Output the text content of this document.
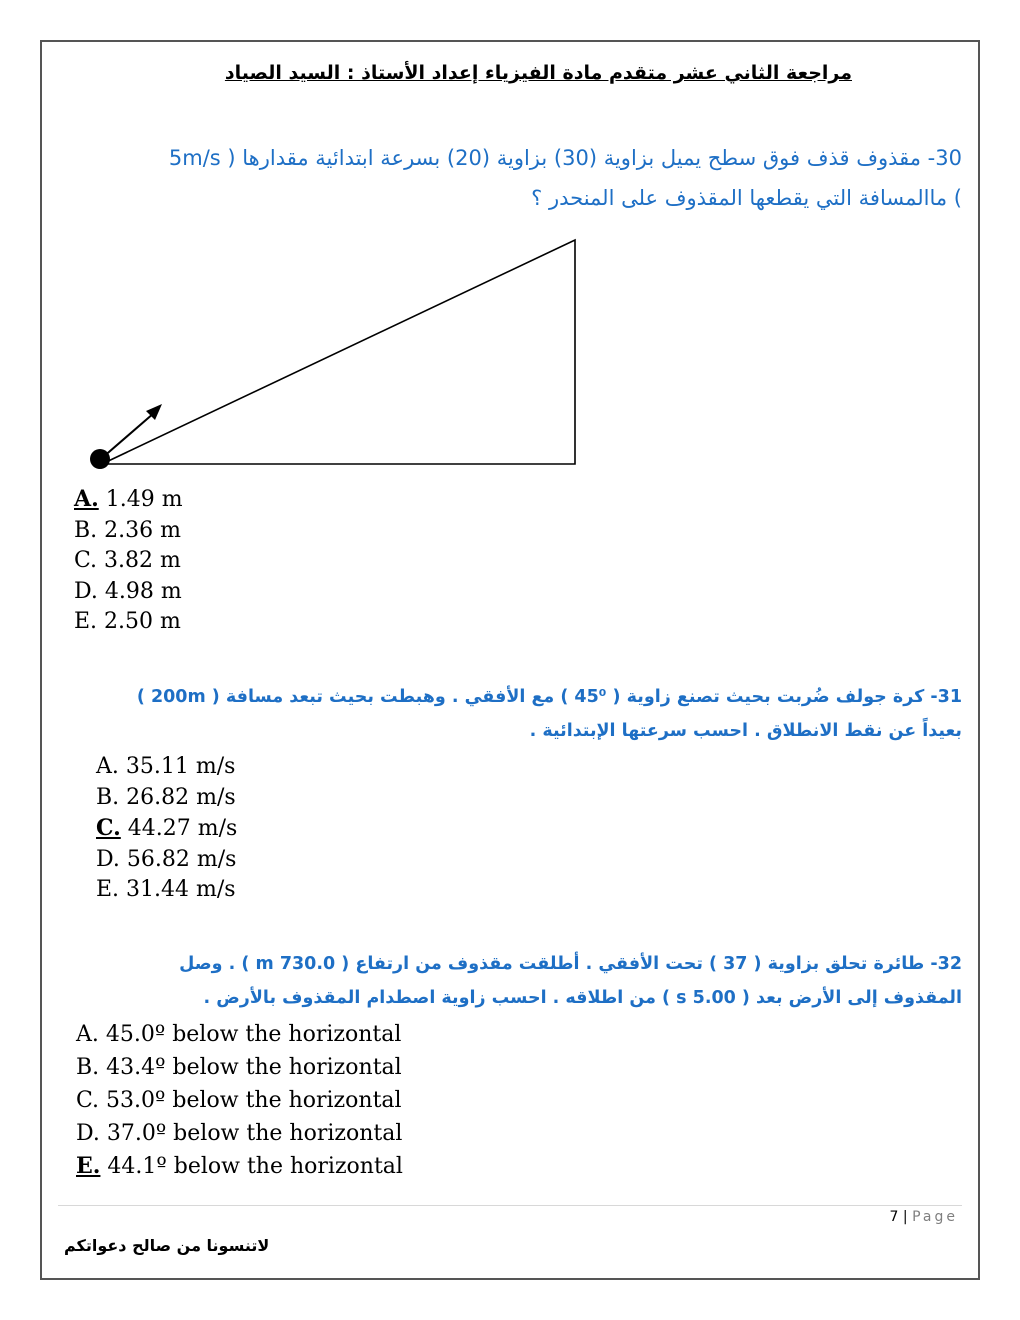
مراجعة الثاني عشر متقدم مادة الفيزياء إعداد الأستاذ : السيد الصياد
30- مقذوف قذف فوق سطح يميل بزاوية (30) بزاوية (20) بسرعة ابتدائية مقدارها ( 5m/s
) ماالمسافة التي يقطعها المقذوف على المنحدر ؟
A. 1.49 m
B. 2.36 m
C. 3.82 m
D. 4.98 m
E. 2.50 m
31- كرة جولف ضُربت بحيث تصنع زاوية ( 45⁰ ) مع الأفقي . وهبطت بحيث تبعد مسافة ( 200m )
بعيداً عن نقط الانطلاق . احسب سرعتها الإبتدائية .
A. 35.11 m/s
B. 26.82 m/s
C. 44.27 m/s
D. 56.82 m/s
E. 31.44 m/s
32- طائرة تحلق بزاوية ( 37 ) تحت الأفقي . أطلقت مقذوف من ارتفاع ( 730.0 m ) . وصل
المقذوف إلى الأرض بعد ( 5.00 s ) من اطلاقه . احسب زاوية اصطدام المقذوف بالأرض .
A. 45.0º below the horizontal
B. 43.4º below the horizontal
C. 53.0º below the horizontal
D. 37.0º below the horizontal
E. 44.1º below the horizontal
7 | Page
لاتنسونا من صالح دعواتكم
